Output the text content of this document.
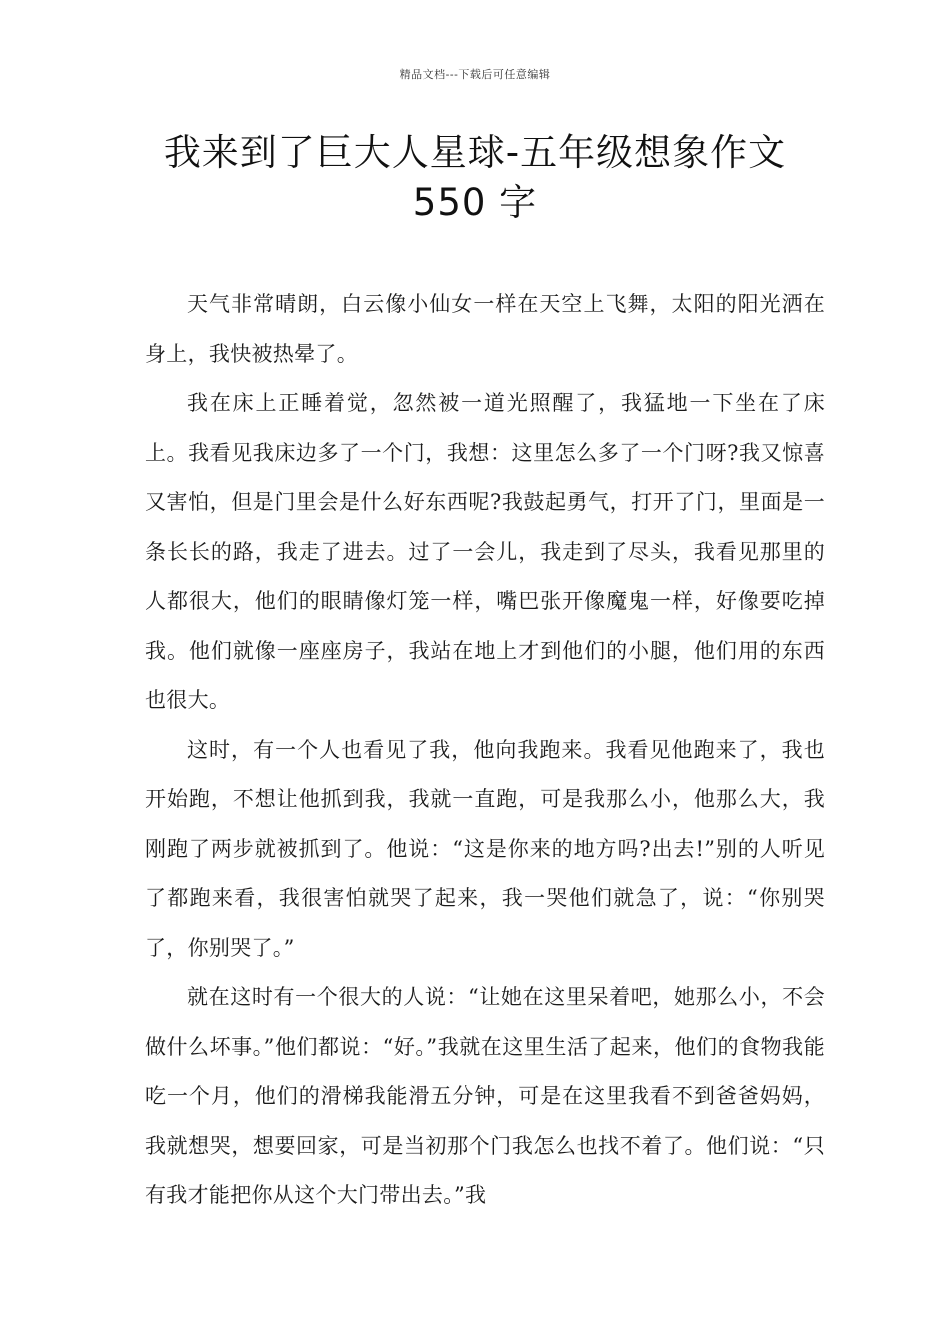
精品文档---下载后可任意编辑
我来到了巨大人星球-五年级想象作文
550 字

天气非常晴朗，白云像小仙女一样在天空上飞舞，太阳的阳光洒在身上，我快被热晕了。

我在床上正睡着觉，忽然被一道光照醒了，我猛地一下坐在了床上。我看见我床边多了一个门，我想：这里怎么多了一个门呀?我又惊喜又害怕，但是门里会是什么好东西呢?我鼓起勇气，打开了门，里面是一条长长的路，我走了进去。过了一会儿，我走到了尽头，我看见那里的人都很大，他们的眼睛像灯笼一样，嘴巴张开像魔鬼一样，好像要吃掉我。他们就像一座座房子，我站在地上才到他们的小腿，他们用的东西也很大。

这时，有一个人也看见了我，他向我跑来。我看见他跑来了，我也开始跑，不想让他抓到我，我就一直跑，可是我那么小，他那么大，我刚跑了两步就被抓到了。他说：“这是你来的地方吗?出去!”别的人听见了都跑来看，我很害怕就哭了起来，我一哭他们就急了，说：“你别哭了，你别哭了。”

就在这时有一个很大的人说：“让她在这里呆着吧，她那么小，不会做什么坏事。”他们都说：“好。”我就在这里生活了起来，他们的食物我能吃一个月，他们的滑梯我能滑五分钟，可是在这里我看不到爸爸妈妈，我就想哭，想要回家，可是当初那个门我怎么也找不着了。他们说：“只有我才能把你从这个大门带出去。”我
